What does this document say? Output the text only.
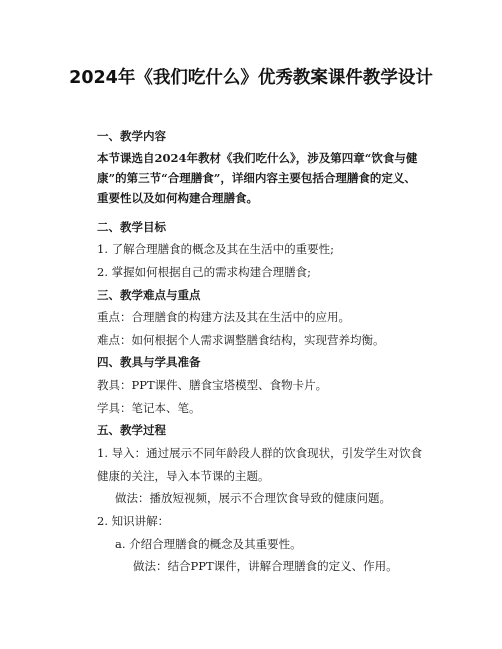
2024年《我们吃什么》优秀教案课件教学设计
一、教学内容
本节课选自2024年教材《我们吃什么》，涉及第四章“饮食与健康”的第三节“合理膳食”，详细内容主要包括合理膳食的定义、重要性以及如何构建合理膳食。
二、教学目标
1. 了解合理膳食的概念及其在生活中的重要性;
2. 掌握如何根据自己的需求构建合理膳食;
三、教学难点与重点
重点：合理膳食的构建方法及其在生活中的应用。
难点：如何根据个人需求调整膳食结构，实现营养均衡。
四、教具与学具准备
教具：PPT课件、膳食宝塔模型、食物卡片。
学具：笔记本、笔。
五、教学过程
1. 导入：通过展示不同年龄段人群的饮食现状，引发学生对饮食健康的关注，导入本节课的主题。
做法：播放短视频，展示不合理饮食导致的健康问题。
2. 知识讲解：
a. 介绍合理膳食的概念及其重要性。
做法：结合PPT课件，讲解合理膳食的定义、作用。
